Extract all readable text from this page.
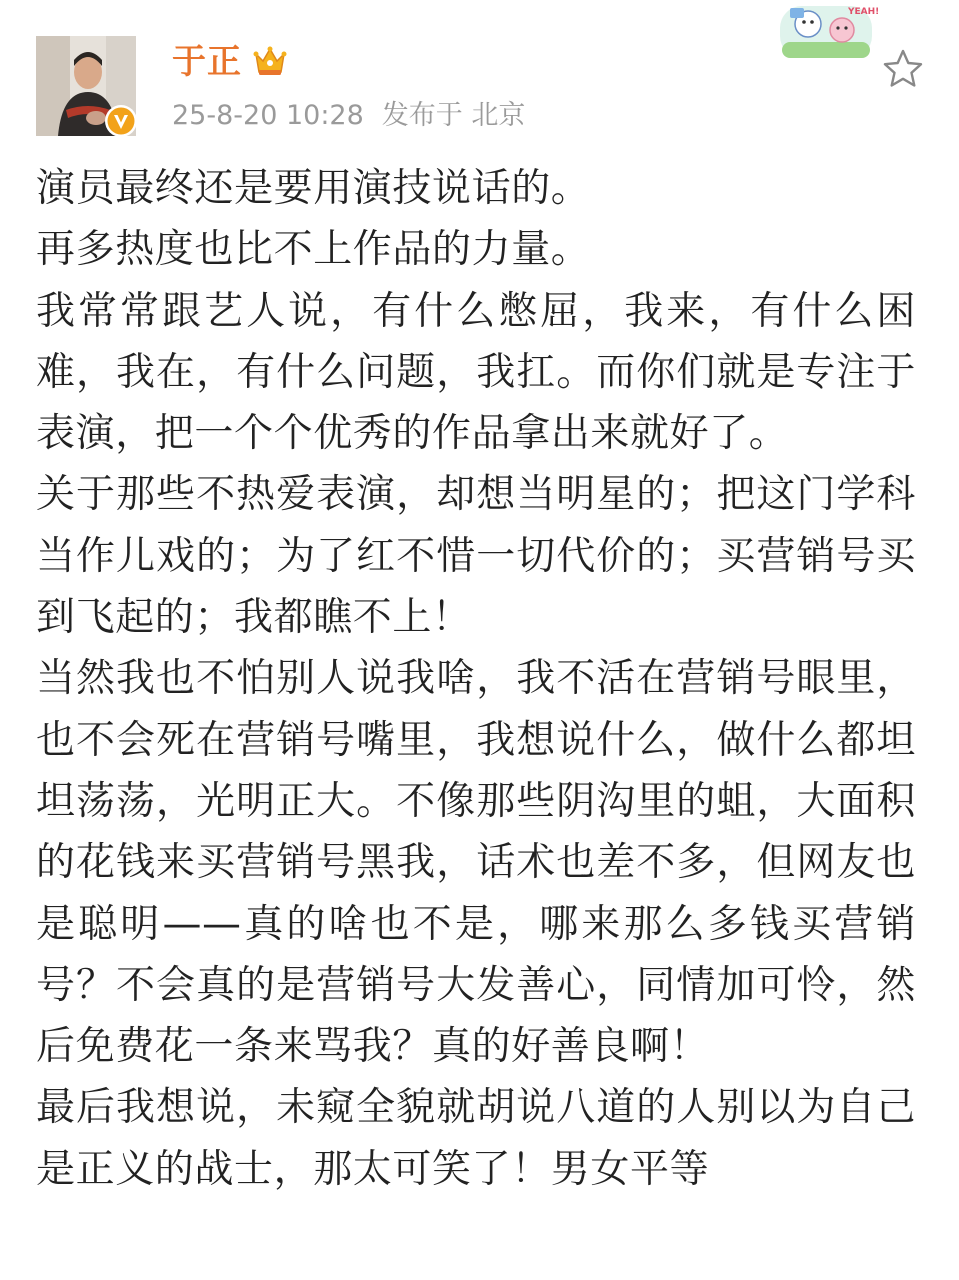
于正
25-8-20 10:28 发布于 北京
YEAH!

演员最终还是要用演技说话的。

再多热度也比不上作品的力量。

我常常跟艺人说，有什么憋屈，我来，有什么困难，我在，有什么问题，我扛。而你们就是专注于表演，把一个个优秀的作品拿出来就好了。

关于那些不热爱表演，却想当明星的；把这门学科当作儿戏的；为了红不惜一切代价的；买营销号买到飞起的；我都瞧不上！

当然我也不怕别人说我啥，我不活在营销号眼里，也不会死在营销号嘴里，我想说什么，做什么都坦坦荡荡，光明正大。不像那些阴沟里的蛆，大面积的花钱来买营销号黑我，话术也差不多，但网友也是聪明——真的啥也不是，哪来那么多钱买营销号？不会真的是营销号大发善心，同情加可怜，然后免费花一条来骂我？真的好善良啊！

最后我想说，未窥全貌就胡说八道的人别以为自己是正义的战士，那太可笑了！男女平等
